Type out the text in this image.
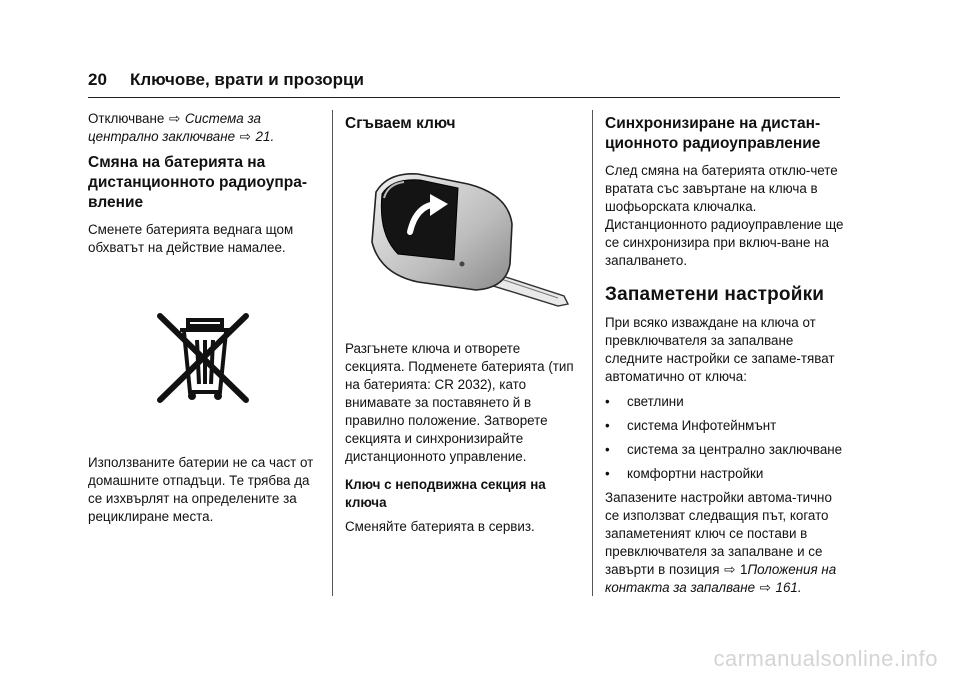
20 Ключове, врати и прозорци

Отключване ⇨ Система за централно заключване ⇨ 21.

Смяна на батерията на дистанционното радиоупра-вление

Сменете батерията веднага щом обхватът на действие намалее.

Използваните батерии не са част от домашните отпадъци. Те трябва да се изхвърлят на определените за рециклиране места.

Сгъваем ключ

Разгънете ключа и отворете секцията. Подменете батерията (тип на батерията: CR 2032), като внимавате за поставянето й в правилно положение. Затворете секцията и синхронизирайте дистанционното управление.

Ключ с неподвижна секция на ключа

Сменяйте батерията в сервиз.

Синхронизиране на дистан-ционното радиоуправление

След смяна на батерията отклю-чете вратата със завъртане на ключа в шофьорската ключалка. Дистанционното радиоуправление ще се синхронизира при включ-ване на запалването.

Запаметени настройки

При всяко изваждане на ключа от превключвателя за запалване следните настройки се запаме-тяват автоматично от ключа:

•	светлини
•	система Инфотейнмънт
•	система за централно заключване
•	комфортни настройки

Запазените настройки автома-тично се използват следващия път, когато запаметеният ключ се постави в превключвателя за запалване и се завърти в позиция ⇨ 1Положения на контакта за запалване ⇨ 161.

carmanualsonline.info
